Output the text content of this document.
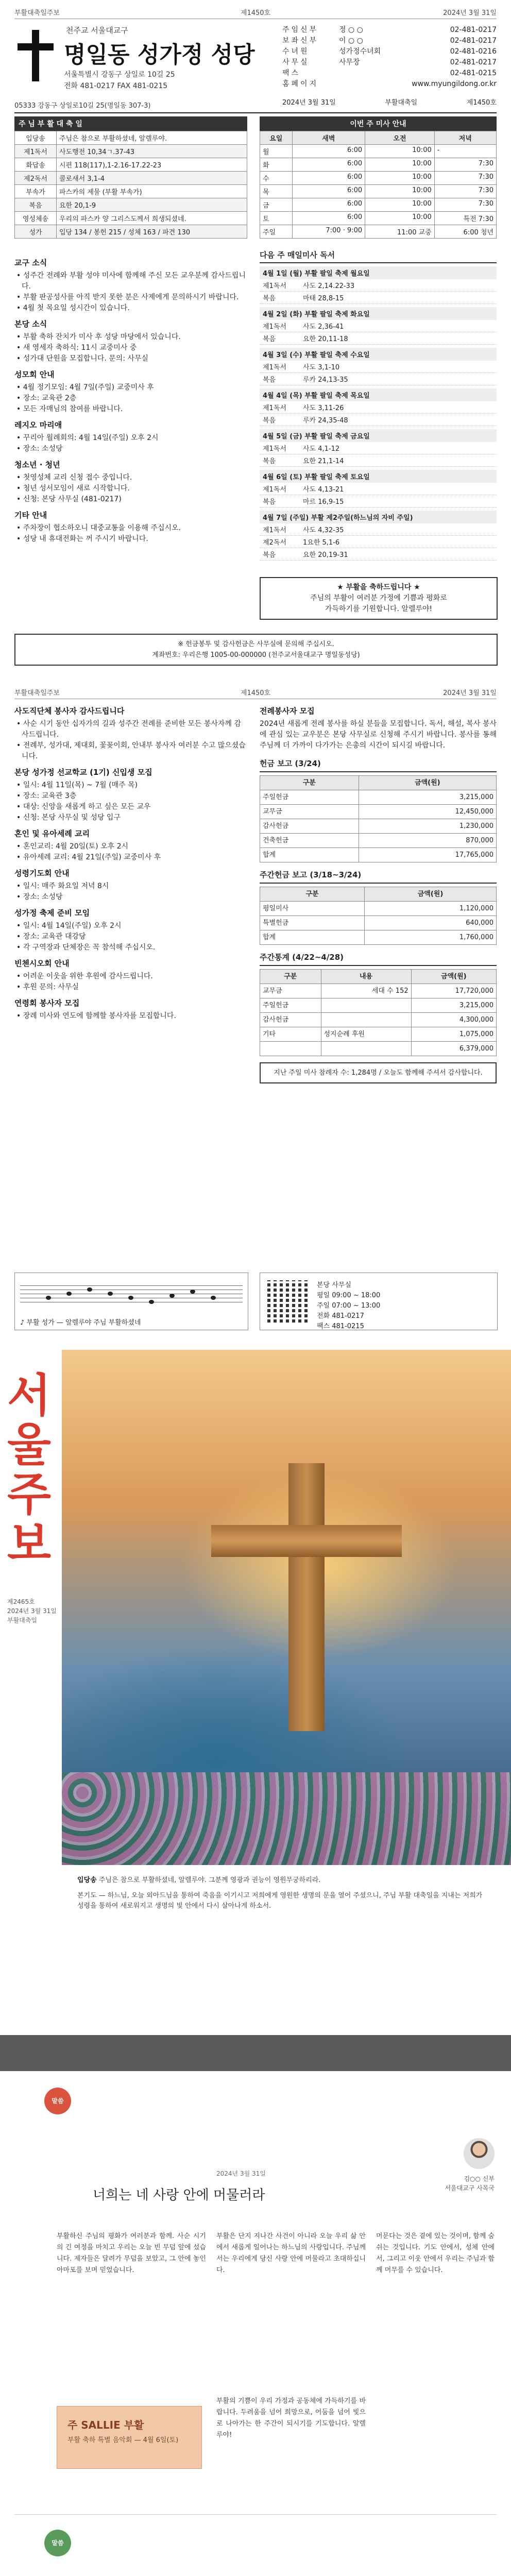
부활대축일주보	제1450호	2024년 3월 31일
천주교 서울대교구
명일동 성가정 성당
서울특별시 강동구 상일로 10길 25
전화 481-0217 FAX 481-0215
05333 강동구 상일로10길 25(명일동 307-3)
주임신부	정 ○ ○	02-481-0217
보좌신부	이 ○ ○	02-481-0217
수녀원	성가정수녀회	02-481-0216
사무실	사무장	02-481-0217
팩스	02-481-0215
홈페이지	www.myungildong.or.kr
2024년 3월 31일	부활대축일	제1450호
주 님 부 활 대 축 일
입당송	주님은 참으로 부활하셨네, 알렐루야.
제1독서	사도행전 10,34ㄱ.37-43
화답송	시편 118(117),1-2.16-17.22-23
제2독서	콜로새서 3,1-4
부속가	파스카의 제물 (부활 부속가)
복음	요한 20,1-9
영성체송	우리의 파스카 양 그리스도께서 희생되셨네.
성가	입당 134 / 봉헌 215 / 성체 163 / 파견 130
이번 주 미사 안내
요일	새벽	오전	저녁
월	6:00	10:00	-
화	6:00	10:00	7:30
수	6:00	10:00	7:30
목	6:00	10:00	7:30
금	6:00	10:00	7:30
토	6:00	10:00	특전 7:30
주일	7:00 · 9:00	11:00 교중	6:00 청년
교구 소식
• 성주간 전례와 부활 성야 미사에 함께해 주신 모든 교우분께 감사드립니다.
• 부활 판공성사를 아직 받지 못한 분은 사제에게 문의하시기 바랍니다.
• 4월 첫 목요일 성시간이 있습니다.
본당 소식
• 부활 축하 잔치가 미사 후 성당 마당에서 있습니다.
• 새 영세자 축하식: 11시 교중미사 중
• 성가대 단원을 모집합니다. 문의: 사무실
성모회 안내
• 4월 정기모임: 4월 7일(주일) 교중미사 후
• 장소: 교육관 2층
• 모든 자매님의 참여를 바랍니다.
레지오 마리애
• 꾸리아 월례회의: 4월 14일(주일) 오후 2시
• 장소: 소성당
청소년 · 청년
• 첫영성체 교리 신청 접수 중입니다.
• 청년 성서모임이 새로 시작합니다.
• 신청: 본당 사무실 (481-0217)
기타 안내
• 주차장이 협소하오니 대중교통을 이용해 주십시오.
• 성당 내 휴대전화는 꺼 주시기 바랍니다.
다음 주 매일미사 독서
4월 1일 (월) 부활 팔일 축제 월요일
제1독서	사도 2,14.22-33
복음	마태 28,8-15
4월 2일 (화) 부활 팔일 축제 화요일
제1독서	사도 2,36-41
복음	요한 20,11-18
4월 3일 (수) 부활 팔일 축제 수요일
제1독서	사도 3,1-10
복음	루카 24,13-35
4월 4일 (목) 부활 팔일 축제 목요일
제1독서	사도 3,11-26
복음	루카 24,35-48
4월 5일 (금) 부활 팔일 축제 금요일
제1독서	사도 4,1-12
복음	요한 21,1-14
4월 6일 (토) 부활 팔일 축제 토요일
제1독서	사도 4,13-21
복음	마르 16,9-15
4월 7일 (주일) 부활 제2주일(하느님의 자비 주일)
제1독서	사도 4,32-35
제2독서	1요한 5,1-6
복음	요한 20,19-31
★ 부활을 축하드립니다 ★
주님의 부활이 여러분 가정에 기쁨과 평화로
가득하기를 기원합니다. 알렐루야!
※ 헌금봉투 및 감사헌금은 사무실에 문의해 주십시오.
계좌번호: 우리은행 1005-00-000000 (천주교서울대교구 명일동성당)
부활대축일주보	제1450호	2024년 3월 31일
사도직단체 봉사자 감사드립니다
• 사순 시기 동안 십자가의 길과 성주간 전례를 준비한 모든 봉사자께 감사드립니다.
• 전례부, 성가대, 제대회, 꽃꽂이회, 안내부 봉사자 여러분 수고 많으셨습니다.
본당 성가정 선교학교 (1기) 신입생 모집
• 일시: 4월 11일(목) ~ 7월 (매주 목)
• 장소: 교육관 3층
• 대상: 신앙을 새롭게 하고 싶은 모든 교우
• 신청: 본당 사무실 및 성당 입구
혼인 및 유아세례 교리
• 혼인교리: 4월 20일(토) 오후 2시
• 유아세례 교리: 4월 21일(주일) 교중미사 후
성령기도회 안내
• 일시: 매주 화요일 저녁 8시
• 장소: 소성당
성가정 축제 준비 모임
• 일시: 4월 14일(주일) 오후 2시
• 장소: 교육관 대강당
• 각 구역장과 단체장은 꼭 참석해 주십시오.
빈첸시오회 안내
• 어려운 이웃을 위한 후원에 감사드립니다.
• 후원 문의: 사무실
연령회 봉사자 모집
• 장례 미사와 연도에 함께할 봉사자를 모집합니다.
전례봉사자 모집
2024년 새롭게 전례 봉사를 하실 분들을 모집합니다. 독서, 해설, 복사 봉사에 관심 있는 교우분은 본당 사무실로 신청해 주시기 바랍니다. 봉사를 통해 주님께 더 가까이 다가가는 은총의 시간이 되시길 바랍니다.
헌금 보고 (3/24)
구분	금액(원)
주일헌금	3,215,000
교무금	12,450,000
감사헌금	1,230,000
건축헌금	870,000
합계	17,765,000
주간헌금 보고 (3/18~3/24)
구분	금액(원)
평일미사	1,120,000
특별헌금	640,000
합계	1,760,000
주간통계 (4/22~4/28)
구분	내용	금액(원)
교무금	세대 수 152	17,720,000
주일헌금		3,215,000
감사헌금		4,300,000
기타	성지순례 후원	1,075,000
		6,379,000
지난 주일 미사 참례자 수: 1,284명 / 오늘도 함께해 주셔서 감사합니다.
♪ 부활 성가 — 알렐루야 주님 부활하셨네
본당 사무실
평일 09:00 ~ 18:00
주일 07:00 ~ 13:00
전화 481-0217
팩스 481-0215
서울주보
제2465호
2024년 3월 31일
부활대축일
입당송 주님은 참으로 부활하셨네, 알렐루야. 그분께 영광과 권능이 영원무궁하리라.
본기도 — 하느님, 오늘 외아드님을 통하여 죽음을 이기시고 저희에게 영원한 생명의 문을 열어 주셨으니, 주님 부활 대축일을 지내는 저희가 성령을 통하여 새로워지고 생명의 빛 안에서 다시 살아나게 하소서.
말씀
2024년 3월 31일
너희는 네 사랑 안에 머물러라
김○○ 신부
서울대교구 사목국
부활하신 주님의 평화가 여러분과 함께. 사순 시기의 긴 여정을 마치고 우리는 오늘 빈 무덤 앞에 섰습니다. 제자들은 달려가 무덤을 보았고, 그 안에 놓인 아마포를 보며 믿었습니다.
부활은 단지 지나간 사건이 아니라 오늘 우리 삶 안에서 새롭게 일어나는 하느님의 사랑입니다. 주님께서는 우리에게 당신 사랑 안에 머물라고 초대하십니다.
머문다는 것은 곁에 있는 것이며, 함께 숨 쉬는 것입니다. 기도 안에서, 성체 안에서, 그리고 이웃 안에서 우리는 주님과 함께 머무를 수 있습니다.
부활의 기쁨이 우리 가정과 공동체에 가득하기를 바랍니다. 두려움을 넘어 희망으로, 어둠을 넘어 빛으로 나아가는 한 주간이 되시기를 기도합니다. 알렐루야!
주 SALLIE 부활
부활 축하 특별 음악회 — 4월 6일(토)
말씀
